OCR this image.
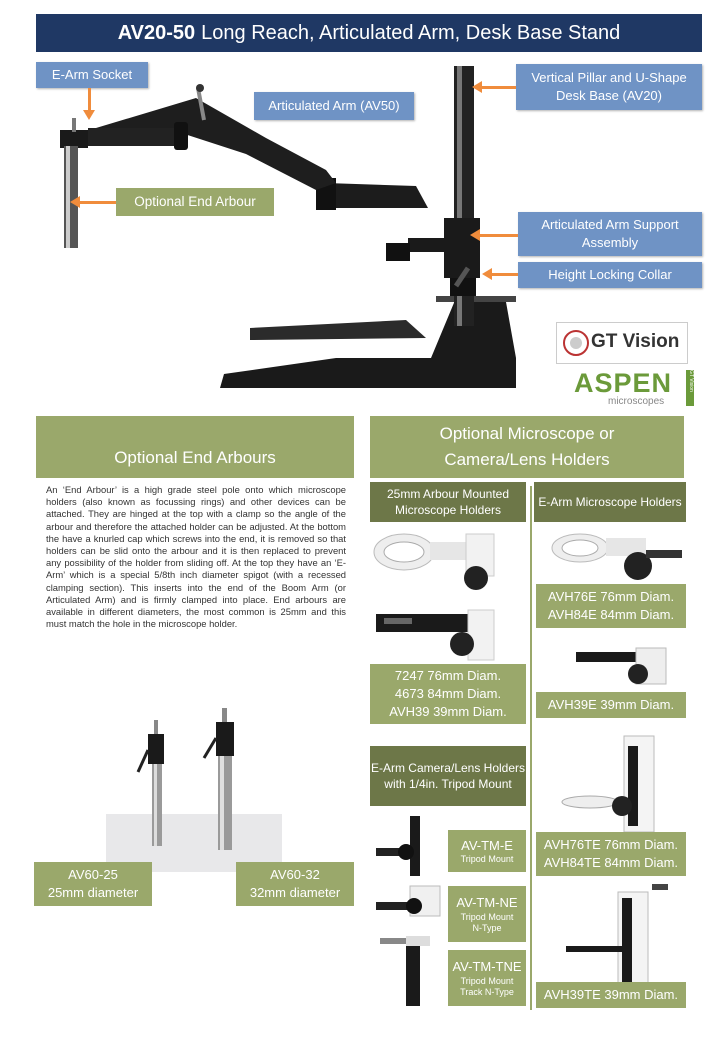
AV20-50 Long Reach, Articulated Arm, Desk Base Stand
E-Arm Socket
Articulated Arm (AV50)
Optional End Arbour
Vertical Pillar and U-Shape Desk Base (AV20)
Articulated Arm Support Assembly
Height Locking Collar
GT Vision
ASPEN
microscopes
GT Vision
Optional End Arbours

An ‘End Arbour’ is a high grade steel pole onto which microscope holders (also known as focussing rings) and other devices can be attached. They are hinged at the top with a clamp so the angle of the arbour and therefore the attached holder can be adjusted. At the bottom the have a knurled cap which screws into the end, it is removed so that holders can be slid onto the arbour and it is then replaced to prevent any possibility of the holder from sliding off. At the top they have an ‘E-Arm’ which is a special 5/8th inch diameter spigot (with a recessed clamping section). This inserts into the end of the Boom Arm (or Articulated Arm) and is firmly clamped into place. End arbours are available in different diameters, the most common is 25mm and this must match the hole in the microscope holder.

AV60-25
25mm diameter
AV60-32
32mm diameter
Optional Microscope or
Camera/Lens Holders
25mm Arbour Mounted Microscope Holders
7247 76mm Diam.
4673 84mm Diam.
AVH39 39mm Diam.
E-Arm Camera/Lens Holders with 1/4in. Tripod Mount
AV-TM-E
Tripod Mount
AV-TM-NE
Tripod Mount
N-Type
AV-TM-TNE
Tripod Mount
Track N-Type
E-Arm Microscope Holders
AVH76E 76mm Diam.
AVH84E 84mm Diam.
AVH39E 39mm Diam.
AVH76TE 76mm Diam.
AVH84TE 84mm Diam.
AVH39TE 39mm Diam.
